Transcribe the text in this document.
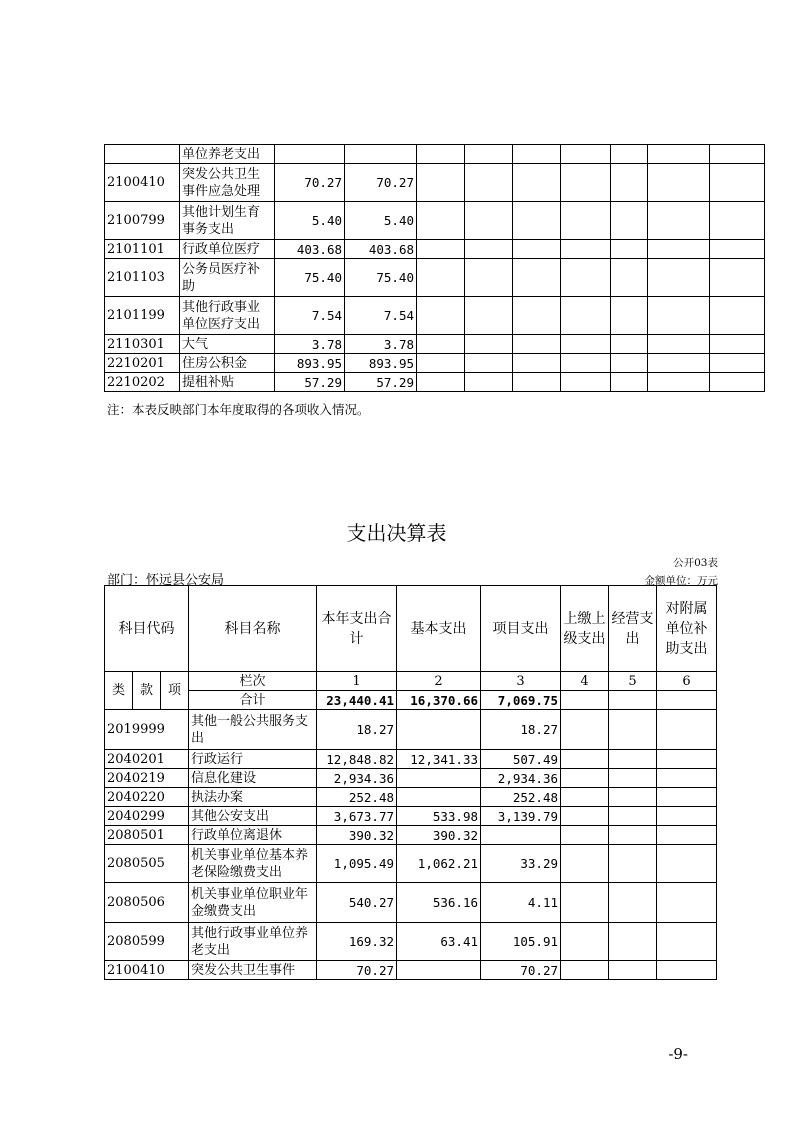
	单位养老支出									
2100410	突发公共卫生事件应急处理	70.27	70.27							
2100799	其他计划生育事务支出	5.40	5.40							
2101101	行政单位医疗	403.68	403.68							
2101103	公务员医疗补助	75.40	75.40							
2101199	其他行政事业单位医疗支出	7.54	7.54							
2110301	大气	3.78	3.78							
2210201	住房公积金	893.95	893.95							
2210202	提租补贴	57.29	57.29							
注：本表反映部门本年度取得的各项收入情况。
支出决算表
公开03表
部门：怀远县公安局	金额单位：万元
科目代码			科目名称	本年支出合计	基本支出	项目支出	上缴上级支出	经营支出	对附属单位补助支出
类	款	项	栏次	1	2	3	4	5	6
			合计	23,440.41	16,370.66	7,069.75			
2019999			其他一般公共服务支出	18.27		18.27			
2040201			行政运行	12,848.82	12,341.33	507.49			
2040219			信息化建设	2,934.36		2,934.36			
2040220			执法办案	252.48		252.48			
2040299			其他公安支出	3,673.77	533.98	3,139.79			
2080501			行政单位离退休	390.32	390.32				
2080505			机关事业单位基本养老保险缴费支出	1,095.49	1,062.21	33.29			
2080506			机关事业单位职业年金缴费支出	540.27	536.16	4.11			
2080599			其他行政事业单位养老支出	169.32	63.41	105.91			
2100410			突发公共卫生事件	70.27		70.27			
-9-
